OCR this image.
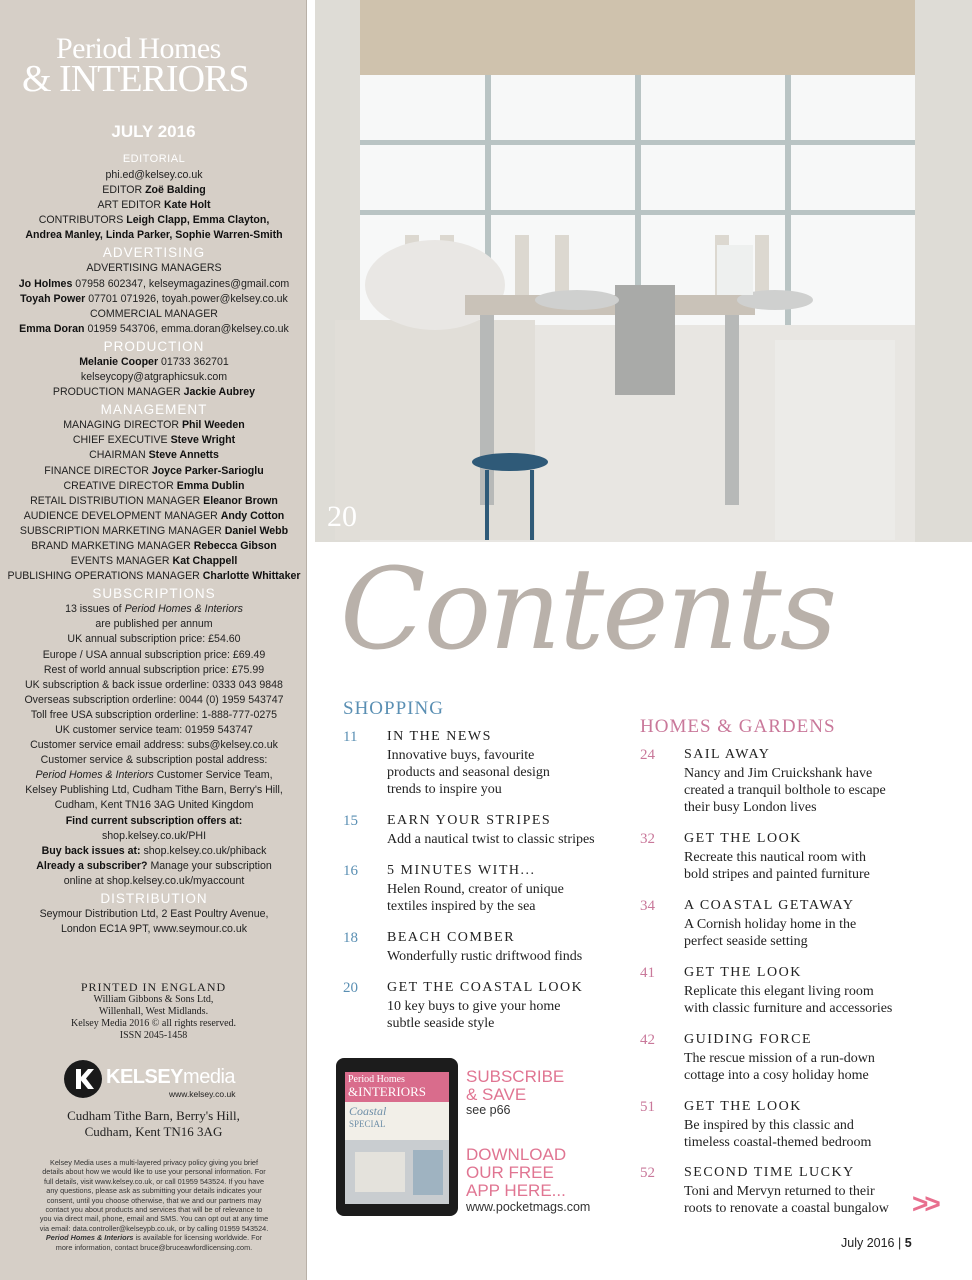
Period Homes
& INTERIORS
JULY 2016
EDITORIAL
phi.ed@kelsey.co.uk
EDITOR Zoë Balding
ART EDITOR Kate Holt
CONTRIBUTORS Leigh Clapp, Emma Clayton,
Andrea Manley, Linda Parker, Sophie Warren-Smith
ADVERTISING
ADVERTISING MANAGERS
Jo Holmes 07958 602347, kelseymagazines@gmail.com
Toyah Power 07701 071926, toyah.power@kelsey.co.uk
COMMERCIAL MANAGER
Emma Doran 01959 543706, emma.doran@kelsey.co.uk
PRODUCTION
Melanie Cooper 01733 362701
kelseycopy@atgraphicsuk.com
PRODUCTION MANAGER Jackie Aubrey
MANAGEMENT
MANAGING DIRECTOR Phil Weeden
CHIEF EXECUTIVE Steve Wright
CHAIRMAN Steve Annetts
FINANCE DIRECTOR Joyce Parker-Sarioglu
CREATIVE DIRECTOR Emma Dublin
RETAIL DISTRIBUTION MANAGER Eleanor Brown
AUDIENCE DEVELOPMENT MANAGER Andy Cotton
SUBSCRIPTION MARKETING MANAGER Daniel Webb
BRAND MARKETING MANAGER Rebecca Gibson
EVENTS MANAGER Kat Chappell
PUBLISHING OPERATIONS MANAGER Charlotte Whittaker
SUBSCRIPTIONS
13 issues of Period Homes & Interiors
are published per annum
UK annual subscription price: £54.60
Europe / USA annual subscription price: £69.49
Rest of world annual subscription price: £75.99
UK subscription & back issue orderline: 0333 043 9848
Overseas subscription orderline: 0044 (0) 1959 543747
Toll free USA subscription orderline: 1-888-777-0275
UK customer service team: 01959 543747
Customer service email address: subs@kelsey.co.uk
Customer service & subscription postal address:
Period Homes & Interiors Customer Service Team,
Kelsey Publishing Ltd, Cudham Tithe Barn, Berry's Hill,
Cudham, Kent TN16 3AG United Kingdom
Find current subscription offers at:
shop.kelsey.co.uk/PHI
Buy back issues at: shop.kelsey.co.uk/phiback
Already a subscriber? Manage your subscription
online at shop.kelsey.co.uk/myaccount
DISTRIBUTION
Seymour Distribution Ltd, 2 East Poultry Avenue,
London EC1A 9PT, www.seymour.co.uk
PRINTED IN ENGLAND
William Gibbons & Sons Ltd,
Willenhall, West Midlands.
Kelsey Media 2016 © all rights reserved.
ISSN 2045-1458
KELSEYmedia
www.kelsey.co.uk
Cudham Tithe Barn, Berry's Hill,
Cudham, Kent TN16 3AG
Kelsey Media uses a multi-layered privacy policy giving you brief
details about how we would like to use your personal information. For
full details, visit www.kelsey.co.uk, or call 01959 543524. If you have
any questions, please ask as submitting your details indicates your
consent, until you choose otherwise, that we and our partners may
contact you about products and services that will be of relevance to
you via direct mail, phone, email and SMS. You can opt out at any time
via email: data.controller@kelseypb.co.uk, or by calling 01959 543524.
Period Homes & Interiors is available for licensing worldwide. For
more information, contact bruce@bruceawfordlicensing.com.
20
Contents
SHOPPING
11 IN THE NEWS
Innovative buys, favourite
products and seasonal design
trends to inspire you
15 EARN YOUR STRIPES
Add a nautical twist to classic stripes
16 5 MINUTES WITH...
Helen Round, creator of unique
textiles inspired by the sea
18 BEACH COMBER
Wonderfully rustic driftwood finds
20 GET THE COASTAL LOOK
10 key buys to give your home
subtle seaside style
HOMES & GARDENS
24 SAIL AWAY
Nancy and Jim Cruickshank have
created a tranquil bolthole to escape
their busy London lives
32 GET THE LOOK
Recreate this nautical room with
bold stripes and painted furniture
34 A COASTAL GETAWAY
A Cornish holiday home in the
perfect seaside setting
41 GET THE LOOK
Replicate this elegant living room
with classic furniture and accessories
42 GUIDING FORCE
The rescue mission of a run-down
cottage into a cosy holiday home
51 GET THE LOOK
Be inspired by this classic and
timeless coastal-themed bedroom
52 SECOND TIME LUCKY
Toni and Mervyn returned to their
roots to renovate a coastal bungalow
Period Homes
&INTERIORS
Coastal
SPECIAL
SUBSCRIBE
& SAVE
see p66
DOWNLOAD
OUR FREE
APP HERE...
www.pocketmags.com	>>
July 2016 | 5
